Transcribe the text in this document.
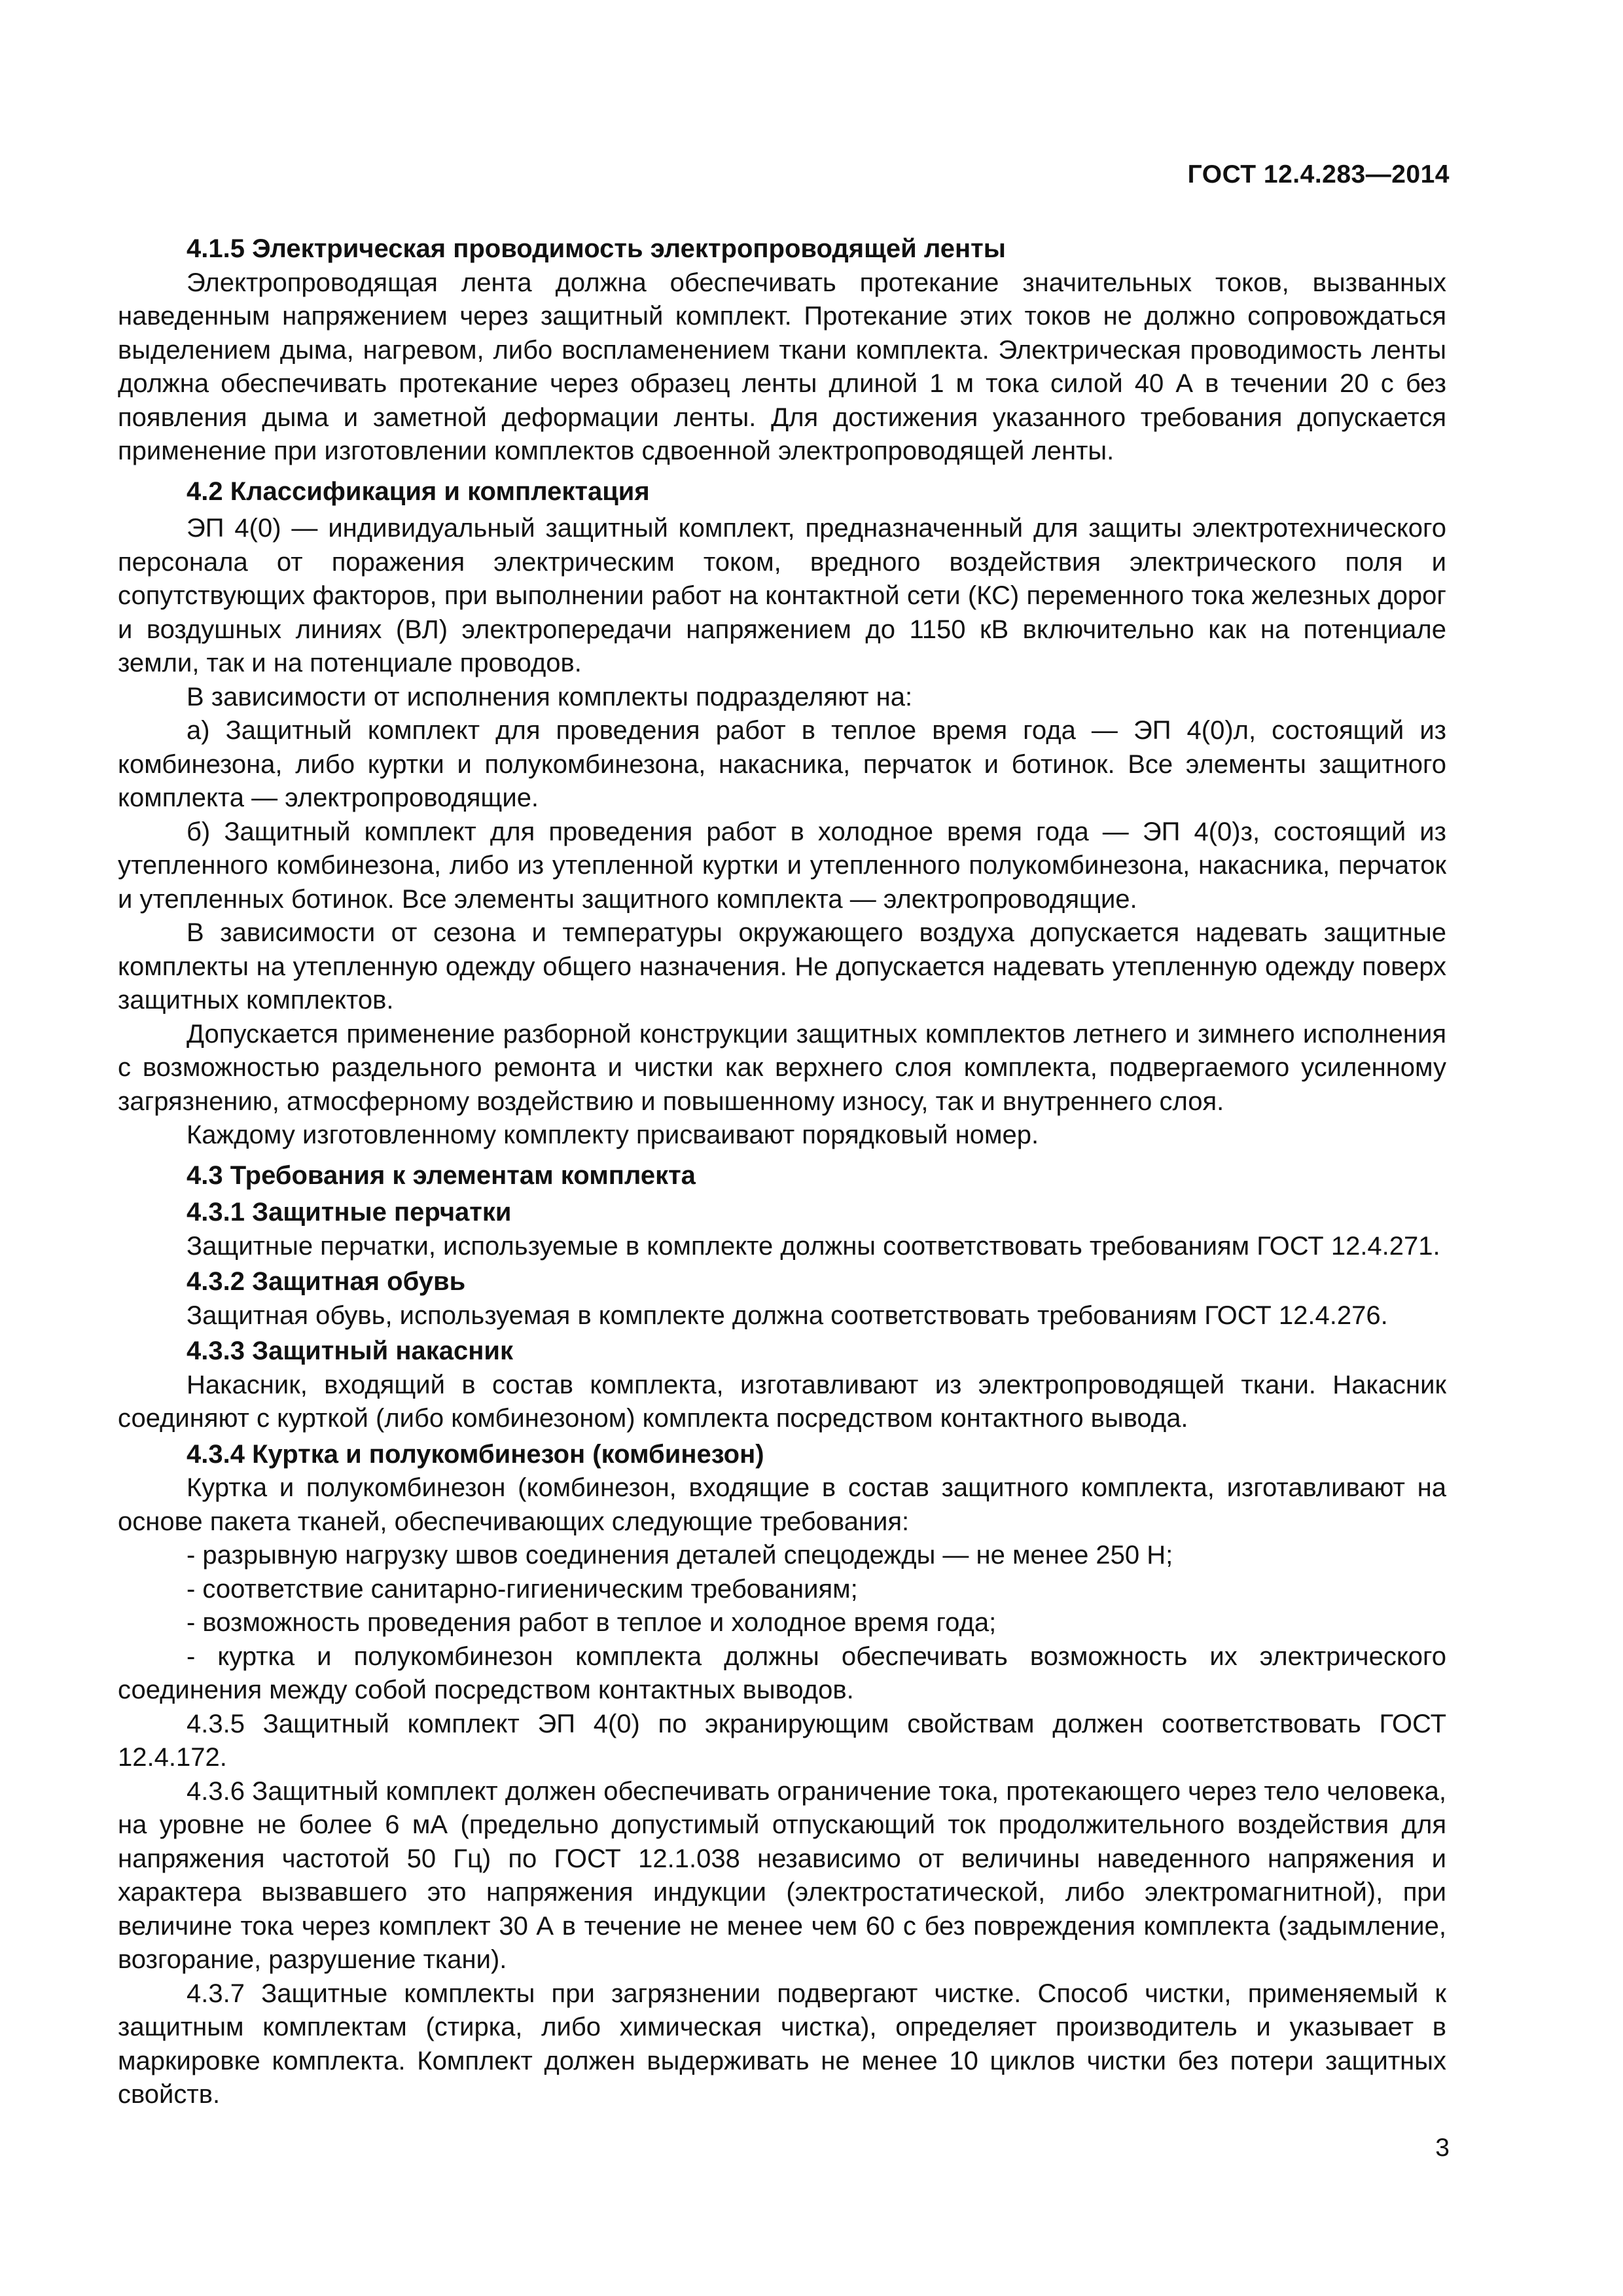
ГОСТ 12.4.283—2014
4.1.5 Электрическая проводимость электропроводящей ленты

Электропроводящая лента должна обеспечивать протекание значительных токов, вызванных наведенным напряжением через защитный комплект. Протекание этих токов не должно сопровождаться выделением дыма, нагревом, либо воспламенением ткани комплекта. Электрическая проводимость ленты должна обеспечивать протекание через образец ленты длиной 1 м тока силой 40 А в течении 20 с без появления дыма и заметной деформации ленты. Для достижения указанного требования допускается применение при изготовлении комплектов сдвоенной электропроводящей ленты.

4.2 Классификация и комплектация

ЭП 4(0) — индивидуальный защитный комплект, предназначенный для защиты электротехнического персонала от поражения электрическим током, вредного воздействия электрического поля и сопутствующих факторов, при выполнении работ на контактной сети (КС) переменного тока железных дорог и воздушных линиях (ВЛ) электропередачи напряжением до 1150 кВ включительно как на потенциале земли, так и на потенциале проводов.

В зависимости от исполнения комплекты подразделяют на:

а) Защитный комплект для проведения работ в теплое время года — ЭП 4(0)л, состоящий из комбинезона, либо куртки и полукомбинезона, накасника, перчаток и ботинок. Все элементы защитного комплекта — электропроводящие.

б) Защитный комплект для проведения работ в холодное время года — ЭП 4(0)з, состоящий из утепленного комбинезона, либо из утепленной куртки и утепленного полукомбинезона, накасника, перчаток и утепленных ботинок. Все элементы защитного комплекта — электропроводящие.

В зависимости от сезона и температуры окружающего воздуха допускается надевать защитные комплекты на утепленную одежду общего назначения. Не допускается надевать утепленную одежду поверх защитных комплектов.

Допускается применение разборной конструкции защитных комплектов летнего и зимнего исполнения с возможностью раздельного ремонта и чистки как верхнего слоя комплекта, подвергаемого усиленному загрязнению, атмосферному воздействию и повышенному износу, так и внутреннего слоя.

Каждому изготовленному комплекту присваивают порядковый номер.

4.3 Требования к элементам комплекта
4.3.1 Защитные перчатки

Защитные перчатки, используемые в комплекте должны соответствовать требованиям ГОСТ 12.4.271.

4.3.2 Защитная обувь

Защитная обувь, используемая в комплекте должна соответствовать требованиям ГОСТ 12.4.276.

4.3.3 Защитный накасник

Накасник, входящий в состав комплекта, изготавливают из электропроводящей ткани. Накасник соединяют с курткой (либо комбинезоном) комплекта посредством контактного вывода.

4.3.4 Куртка и полукомбинезон (комбинезон)

Куртка и полукомбинезон (комбинезон, входящие в состав защитного комплекта, изготавливают на основе пакета тканей, обеспечивающих следующие требования:

- разрывную нагрузку швов соединения деталей спецодежды — не менее 250 Н;
- соответствие санитарно-гигиеническим требованиям;
- возможность проведения работ в теплое и холодное время года;
- куртка и полукомбинезон комплекта должны обеспечивать возможность их электрического соединения между собой посредством контактных выводов.

4.3.5 Защитный комплект ЭП 4(0) по экранирующим свойствам должен соответствовать ГОСТ 12.4.172.

4.3.6 Защитный комплект должен обеспечивать ограничение тока, протекающего через тело человека, на уровне не более 6 мА (предельно допустимый отпускающий ток продолжительного воздействия для напряжения частотой 50 Гц) по ГОСТ 12.1.038 независимо от величины наведенного напряжения и характера вызвавшего это напряжения индукции (электростатической, либо электромагнитной), при величине тока через комплект 30 А в течение не менее чем 60 с без повреждения комплекта (задымление, возгорание, разрушение ткани).

4.3.7 Защитные комплекты при загрязнении подвергают чистке. Способ чистки, применяемый к защитным комплектам (стирка, либо химическая чистка), определяет производитель и указывает в маркировке комплекта. Комплект должен выдерживать не менее 10 циклов чистки без потери защитных свойств.

3
